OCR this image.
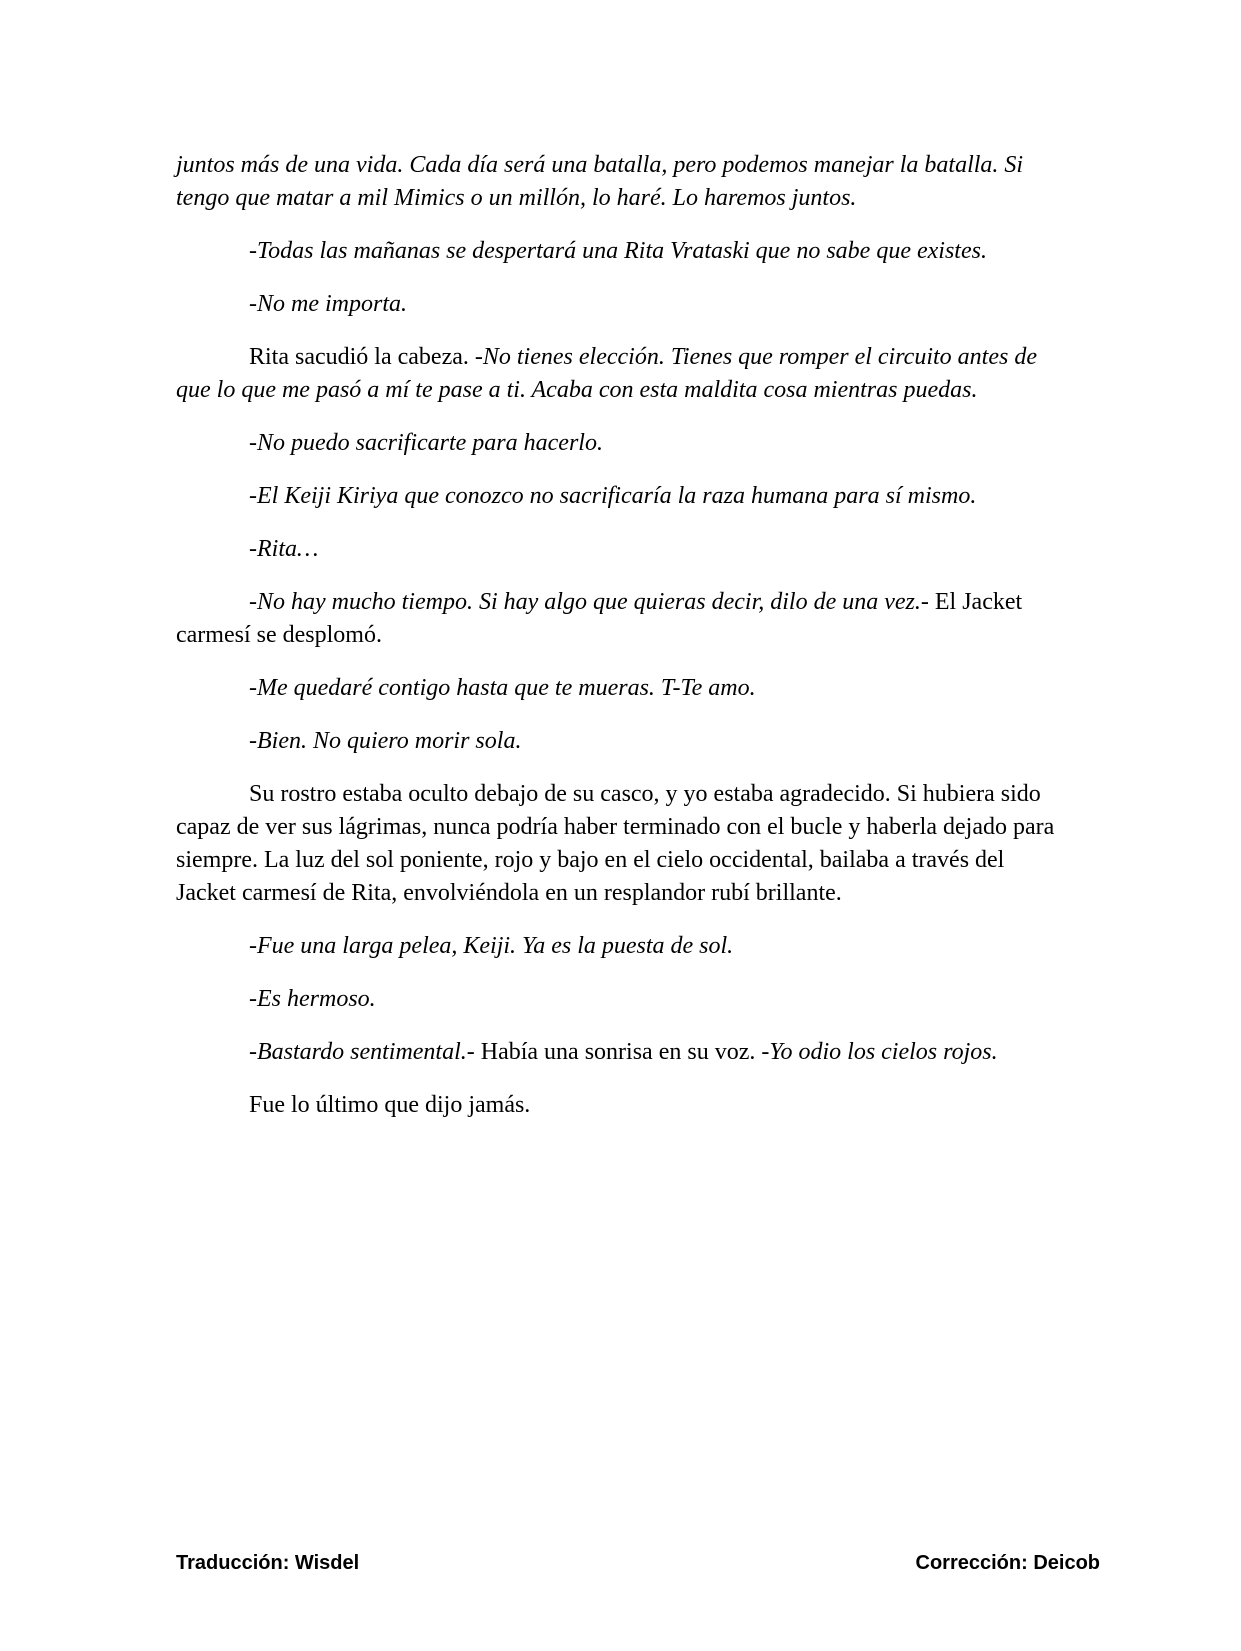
juntos más de una vida. Cada día será una batalla, pero podemos manejar la batalla. Si tengo que matar a mil Mimics o un millón, lo haré. Lo haremos juntos.

-Todas las mañanas se despertará una Rita Vrataski que no sabe que existes.

-No me importa.

Rita sacudió la cabeza. -No tienes elección. Tienes que romper el circuito antes de que lo que me pasó a mí te pase a ti. Acaba con esta maldita cosa mientras puedas.

-No puedo sacrificarte para hacerlo.

-El Keiji Kiriya que conozco no sacrificaría la raza humana para sí mismo.

-Rita…

-No hay mucho tiempo. Si hay algo que quieras decir, dilo de una vez.- El Jacket carmesí se desplomó.

-Me quedaré contigo hasta que te mueras. T-Te amo.

-Bien. No quiero morir sola.

Su rostro estaba oculto debajo de su casco, y yo estaba agradecido. Si hubiera sido capaz de ver sus lágrimas, nunca podría haber terminado con el bucle y haberla dejado para siempre. La luz del sol poniente, rojo y bajo en el cielo occidental, bailaba a través del Jacket carmesí de Rita, envolviéndola en un resplandor rubí brillante.

-Fue una larga pelea, Keiji. Ya es la puesta de sol.

-Es hermoso.

-Bastardo sentimental.- Había una sonrisa en su voz. -Yo odio los cielos rojos.

Fue lo último que dijo jamás.

Traducción: Wisdel	Corrección: Deicob
